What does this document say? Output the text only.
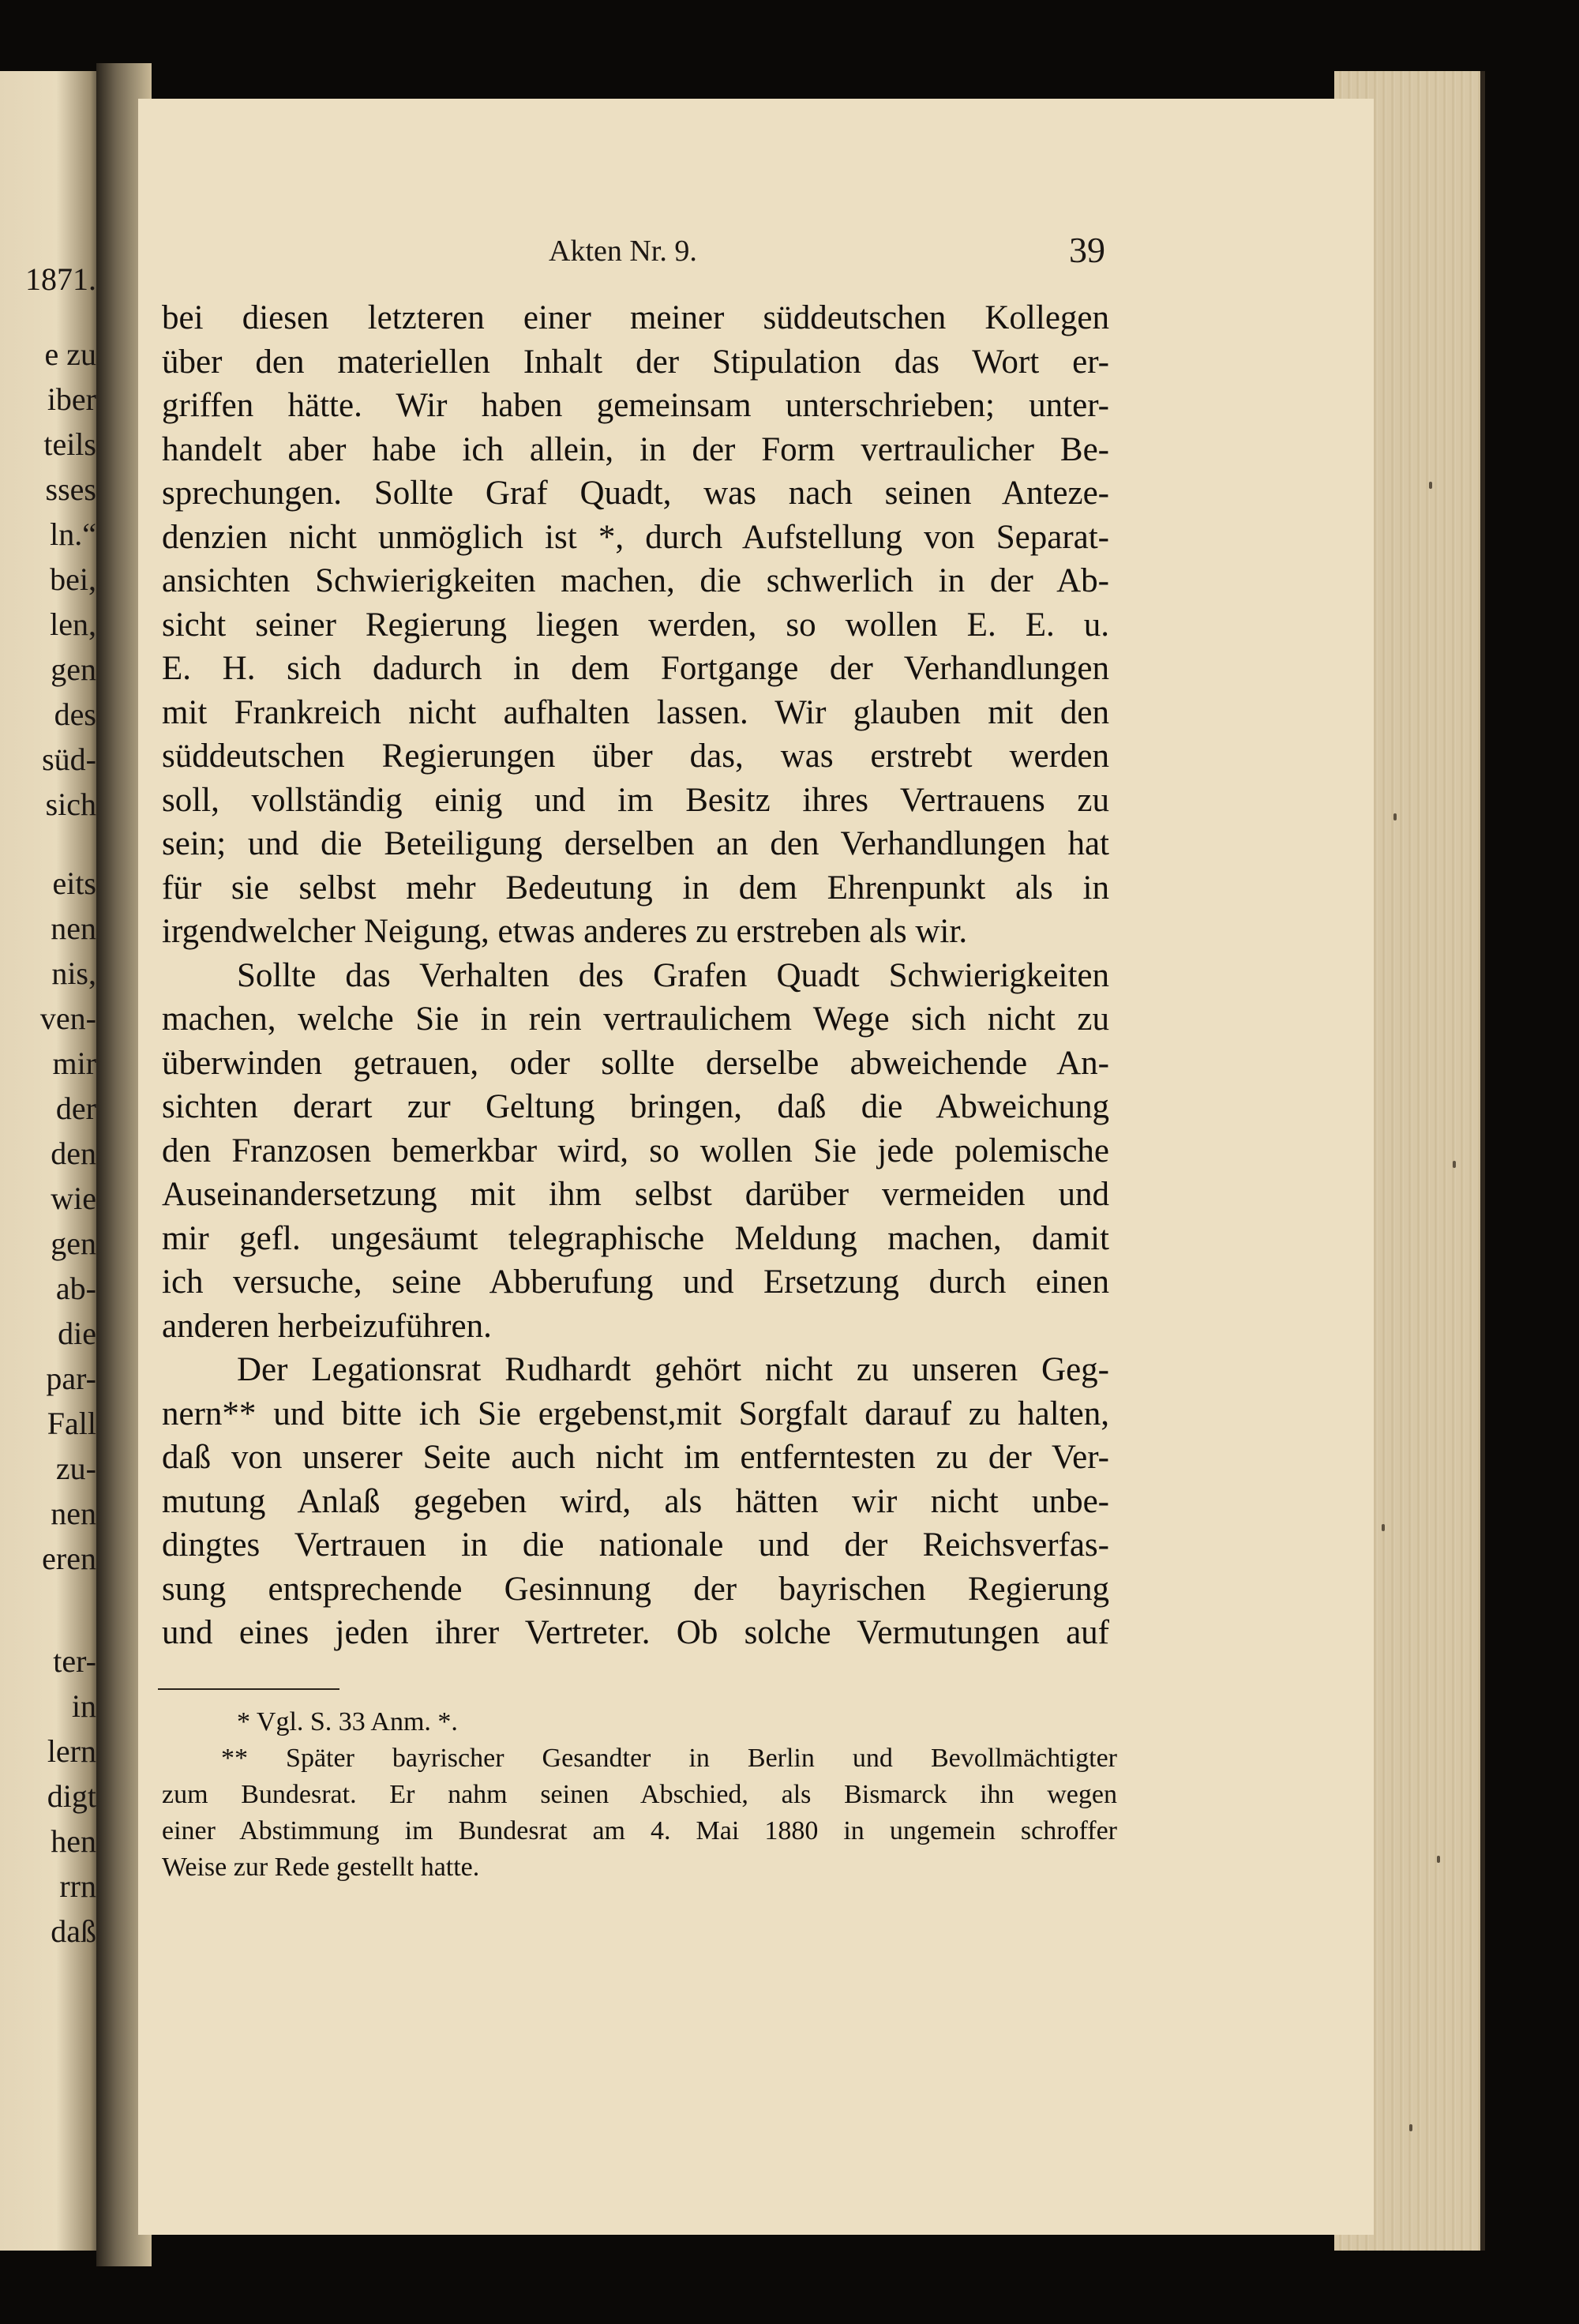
1871.

e zu

iber

teils

sses

ln.“

bei,

len,

gen

des

süd-

sich

eits

nen

nis,

ven-

mir

der

den

wie

gen

ab-

die

par-

Fall

zu-

nen

eren

ter-

in

lern

digt

hen

rrn

daß

Akten Nr. 9.	39

bei diesen letzteren einer meiner süddeutschen Kollegen

über den materiellen Inhalt der Stipulation das Wort er-

griffen hätte. Wir haben gemeinsam unterschrieben; unter-

handelt aber habe ich allein, in der Form vertraulicher Be-

sprechungen. Sollte Graf Quadt, was nach seinen Anteze-

denzien nicht unmöglich ist *, durch Aufstellung von Separat-

ansichten Schwierigkeiten machen, die schwerlich in der Ab-

sicht seiner Regierung liegen werden, so wollen E. E. u.

E. H. sich dadurch in dem Fortgange der Verhandlungen

mit Frankreich nicht aufhalten lassen. Wir glauben mit den

süddeutschen Regierungen über das, was erstrebt werden

soll, vollständig einig und im Besitz ihres Vertrauens zu

sein; und die Beteiligung derselben an den Verhandlungen hat

für sie selbst mehr Bedeutung in dem Ehrenpunkt als in

irgendwelcher Neigung, etwas anderes zu erstreben als wir.

Sollte das Verhalten des Grafen Quadt Schwierigkeiten

machen, welche Sie in rein vertraulichem Wege sich nicht zu

überwinden getrauen, oder sollte derselbe abweichende An-

sichten derart zur Geltung bringen, daß die Abweichung

den Franzosen bemerkbar wird, so wollen Sie jede polemische

Auseinandersetzung mit ihm selbst darüber vermeiden und

mir gefl. ungesäumt telegraphische Meldung machen, damit

ich versuche, seine Abberufung und Ersetzung durch einen

anderen herbeizuführen.

Der Legationsrat Rudhardt gehört nicht zu unseren Geg-

nern** und bitte ich Sie ergebenst,mit Sorgfalt darauf zu halten,

daß von unserer Seite auch nicht im entferntesten zu der Ver-

mutung Anlaß gegeben wird, als hätten wir nicht unbe-

dingtes Vertrauen in die nationale und der Reichsverfas-

sung entsprechende Gesinnung der bayrischen Regierung

und eines jeden ihrer Vertreter. Ob solche Vermutungen auf

* Vgl. S. 33 Anm. *.

** Später bayrischer Gesandter in Berlin und Bevollmächtigter

zum Bundesrat. Er nahm seinen Abschied, als Bismarck ihn wegen

einer Abstimmung im Bundesrat am 4. Mai 1880 in ungemein schroffer

Weise zur Rede gestellt hatte.
